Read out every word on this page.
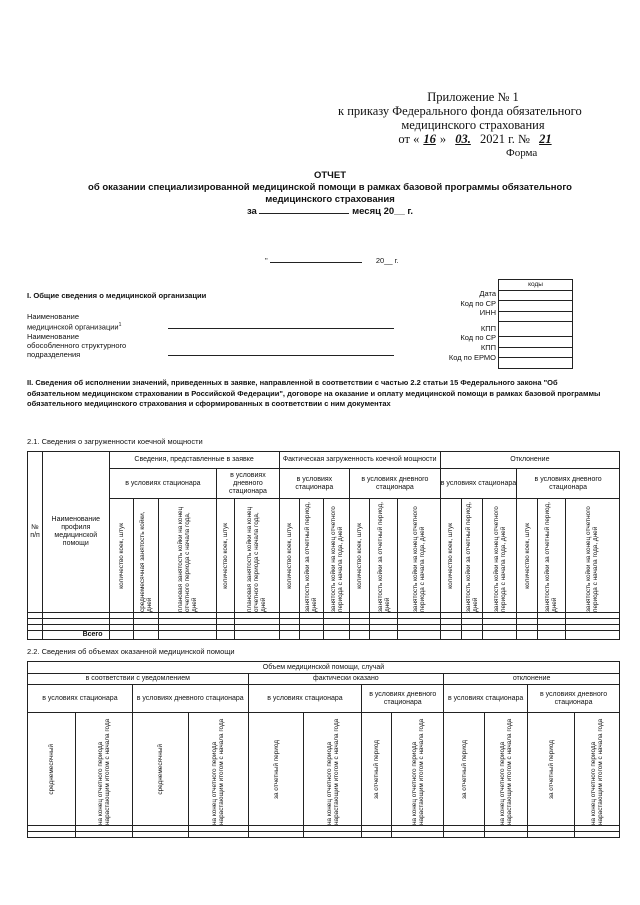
Приложение № 1
к приказу Федерального фонда обязательного
медицинского страхования
от « 16 » 03. 2021 г. № 21
Форма
ОТЧЕТ
об оказании специализированной медицинской помощи в рамках базовой программы обязательного
медицинского страхования
за	месяц 20__ г.
"	20__ г.
Дата
Код по СР
ИНН
КПП
Код по СР
КПП
Код по ЕРМО
коды

I. Общие сведения о медицинской организации
Наименование
медицинской организации$^1$
Наименование
обособленного структурного
подразделения
II. Сведения об исполнении значений, приведенных в заявке, направленной в соответствии с частью 2.2 статьи 15 Федерального закона "Об
обязательном медицинском страховании в Российской Федерации", договоре на оказание и оплату медицинской помощи в рамках базовой программы
обязательного медицинского страхования и сформированных в соответствии с ним документах
2.1. Сведения о загруженности коечной мощности
№ п/п	Наименование профиля медицинской помощи	Сведения, представленные в заявке					Фактическая загруженность коечной мощности						Отклонение					
		в условиях стационара			в условиях дневного стационара		в условиях стационара			в условиях дневного стационара			в условиях стационара			в условиях дневного стационара		

		количество коек, штук	среднемесячная занятость койки, дней	плановая занятость койки на конец отчетного периода с начала года, дней	количество коек, штук	плановая занятость койки на конец отчетного периода с начала года, дней	количество коек, штук	занятость койки за отчетный период, дней	занятость койки на конец отчетного периода с начала года, дней	количество коек, штук	занятость койки за отчетный период, дней	занятость койки на конец отчетного периода с начала года, дней	количество коек, штук	занятость койки за отчетный период, дней	занятость койки на конец отчетного периода с начала года, дней	количество коек, штук	занятость койки за отчетный период, дней	занятость койки на конец отчетного периода с начала года, дней

	Всего																	
2.2. Сведения об объемах оказанной медицинской помощи
Объем медицинской помощи, случай											
в соответствии с уведомлением				фактически оказано				отклонение			
в условиях стационара		в условиях дневного стационара		в условиях стационара		в условиях дневного стационара		в условиях стационара		в условиях дневного стационара	

среднемесячный	на конец отчетного периода нарастающим итогом с начала года	среднемесячный	на конец отчетного периода нарастающим итогом с начала года	за отчетный период	на конец отчетного периода нарастающим итогом с начала года	за отчетный период	на конец отчетного периода нарастающим итогом с начала года	за отчетный период	на конец отчетного периода нарастающим итогом с начала года	за отчетный период	на конец отчетного периода нарастающим итогом с начала года
